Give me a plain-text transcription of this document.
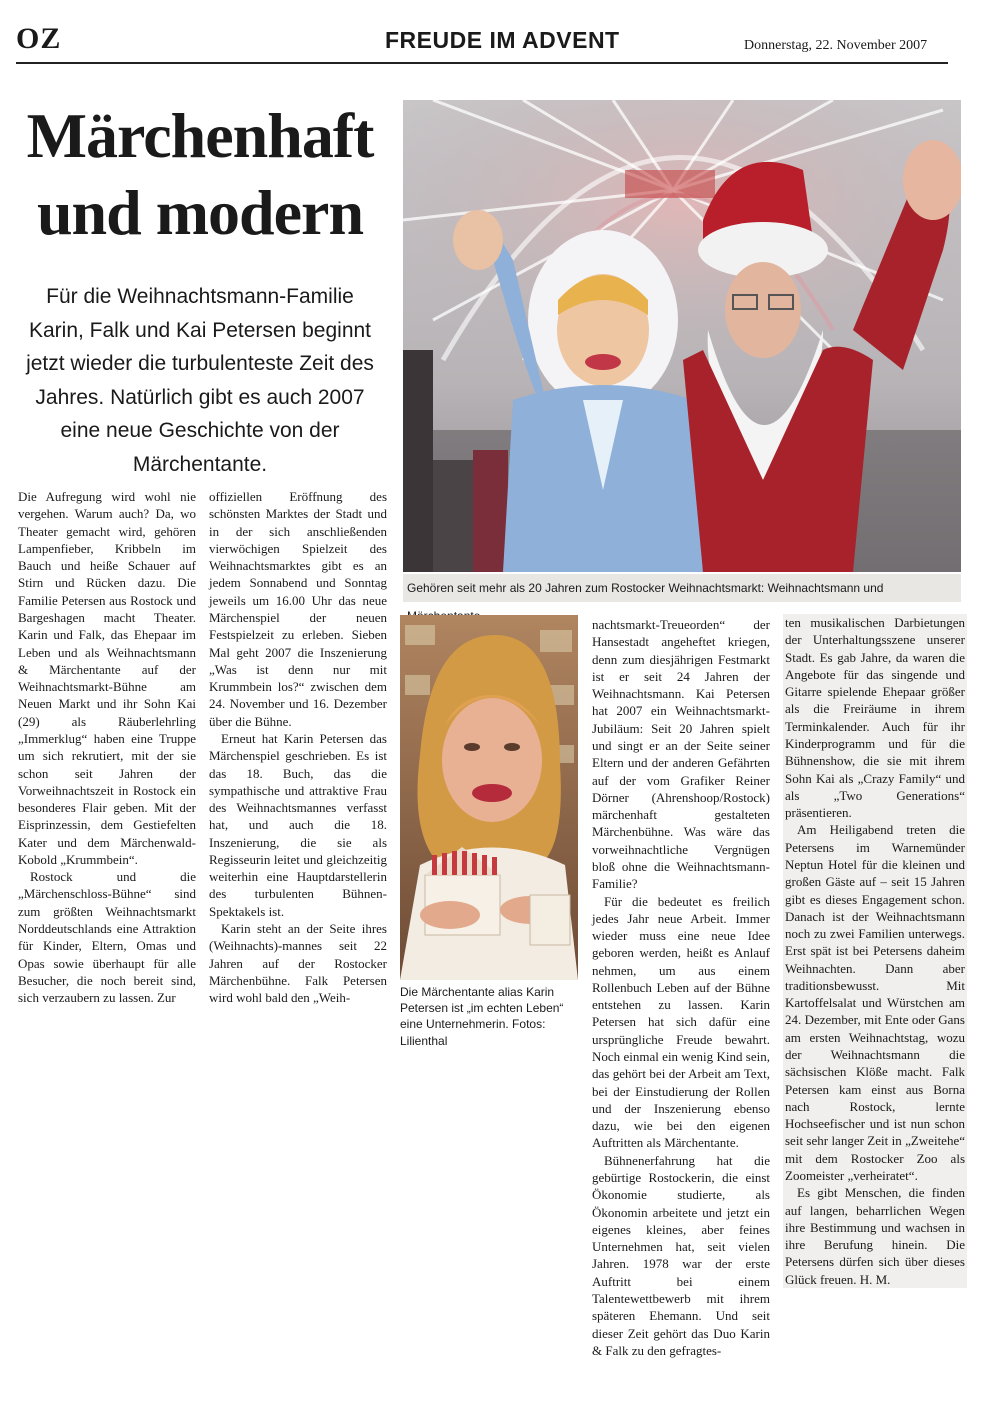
OZ	FREUDE IM ADVENT	Donnerstag, 22. November 2007
Märchenhaft
und modern
Für die Weihnachtsmann-Familie Karin, Falk und Kai Petersen beginnt jetzt wieder die turbulenteste Zeit des Jahres. Natürlich gibt es auch 2007 eine neue Geschichte von der Märchentante.
Gehören seit mehr als 20 Jahren zum Rostocker Weihnachtsmarkt: Weihnachtsmann und
Die Märchentante alias Karin Petersen ist „im echten Leben“ eine Unternehmerin. Fotos: Lilienthal

Die Aufregung wird wohl nie vergehen. Warum auch? Da, wo Theater gemacht wird, gehören Lampenfieber, Kribbeln im Bauch und heiße Schauer auf Stirn und Rücken dazu. Die Familie Petersen aus Rostock und Bargeshagen macht Theater. Karin und Falk, das Ehepaar im Leben und als Weihnachtsmann & Märchentante auf der Weihnachtsmarkt-Bühne am Neuen Markt und ihr Sohn Kai (29) als Räuberlehrling „Immerklug“ haben eine Truppe um sich rekrutiert, mit der sie schon seit Jahren der Vorweihnachtszeit in Rostock ein besonderes Flair geben. Mit der Eisprinzessin, dem Gestiefelten Kater und dem Märchenwald-Kobold „Krummbein“.

Rostock und die „Märchenschloss-Bühne“ sind zum größten Weihnachtsmarkt Norddeutschlands eine Attraktion für Kinder, Eltern, Omas und Opas sowie überhaupt für alle Besucher, die noch bereit sind, sich verzaubern zu lassen. Zur

offiziellen Eröffnung des schönsten Marktes der Stadt und in der sich anschließenden vierwöchigen Spielzeit des Weihnachtsmarktes gibt es an jedem Sonnabend und Sonntag jeweils um 16.00 Uhr das neue Märchenspiel der neuen Festspielzeit zu erleben. Sieben Mal geht 2007 die Inszenierung „Was ist denn nur mit Krummbein los?“ zwischen dem 24. November und 16. Dezember über die Bühne.

Erneut hat Karin Petersen das Märchenspiel geschrieben. Es ist das 18. Buch, das die sympathische und attraktive Frau des Weihnachtsmannes verfasst hat, und auch die 18. Inszenierung, die sie als Regisseurin leitet und gleichzeitig weiterhin eine Hauptdarstellerin des turbulenten Bühnen-Spektakels ist.

Karin steht an der Seite ihres (Weihnachts)-mannes seit 22 Jahren auf der Rostocker Märchenbühne. Falk Petersen wird wohl bald den „Weih-

nachtsmarkt-Treueorden“ der Hansestadt angeheftet kriegen, denn zum diesjährigen Festmarkt ist er seit 24 Jahren der Weihnachtsmann. Kai Petersen hat 2007 ein Weihnachtsmarkt-Jubiläum: Seit 20 Jahren spielt und singt er an der Seite seiner Eltern und der anderen Gefährten auf der vom Grafiker Reiner Dörner (Ahrenshoop/Rostock) märchenhaft gestalteten Märchenbühne. Was wäre das vorweihnachtliche Vergnügen bloß ohne die Weihnachtsmann-Familie?

Für die bedeutet es freilich jedes Jahr neue Arbeit. Immer wieder muss eine neue Idee geboren werden, heißt es Anlauf nehmen, um aus einem Rollenbuch Leben auf der Bühne entstehen zu lassen. Karin Petersen hat sich dafür eine ursprüngliche Freude bewahrt. Noch einmal ein wenig Kind sein, das gehört bei der Arbeit am Text, bei der Einstudierung der Rollen und der Inszenierung ebenso dazu, wie bei den eigenen Auftritten als Märchentante.

Bühnenerfahrung hat die gebürtige Rostockerin, die einst Ökonomie studierte, als Ökonomin arbeitete und jetzt ein eigenes kleines, aber feines Unternehmen hat, seit vielen Jahren. 1978 war der erste Auftritt bei einem Talentewettbewerb mit ihrem späteren Ehemann. Und seit dieser Zeit gehört das Duo Karin & Falk zu den gefragtes-

ten musikalischen Darbietungen der Unterhaltungsszene unserer Stadt. Es gab Jahre, da waren die Angebote für das singende und Gitarre spielende Ehepaar größer als die Freiräume in ihrem Terminkalender. Auch für ihr Kinderprogramm und für die Bühnenshow, die sie mit ihrem Sohn Kai als „Crazy Family“ und als „Two Generations“ präsentieren.

Am Heiligabend treten die Petersens im Warnemünder Neptun Hotel für die kleinen und großen Gäste auf – seit 15 Jahren gibt es dieses Engagement schon. Danach ist der Weihnachtsmann noch zu zwei Familien unterwegs. Erst spät ist bei Petersens daheim Weihnachten. Dann aber traditionsbewusst. Mit Kartoffelsalat und Würstchen am 24. Dezember, mit Ente oder Gans am ersten Weihnachtstag, wozu der Weihnachtsmann die sächsischen Klöße macht. Falk Petersen kam einst aus Borna nach Rostock, lernte Hochseefischer und ist nun schon seit sehr langer Zeit in „Zweitehe“ mit dem Rostocker Zoo als Zoomeister „verheiratet“.

Es gibt Menschen, die finden auf langen, beharrlichen Wegen ihre Bestimmung und wachsen in ihre Berufung hinein. Die Petersens dürfen sich über dieses Glück freuen. H. M.
